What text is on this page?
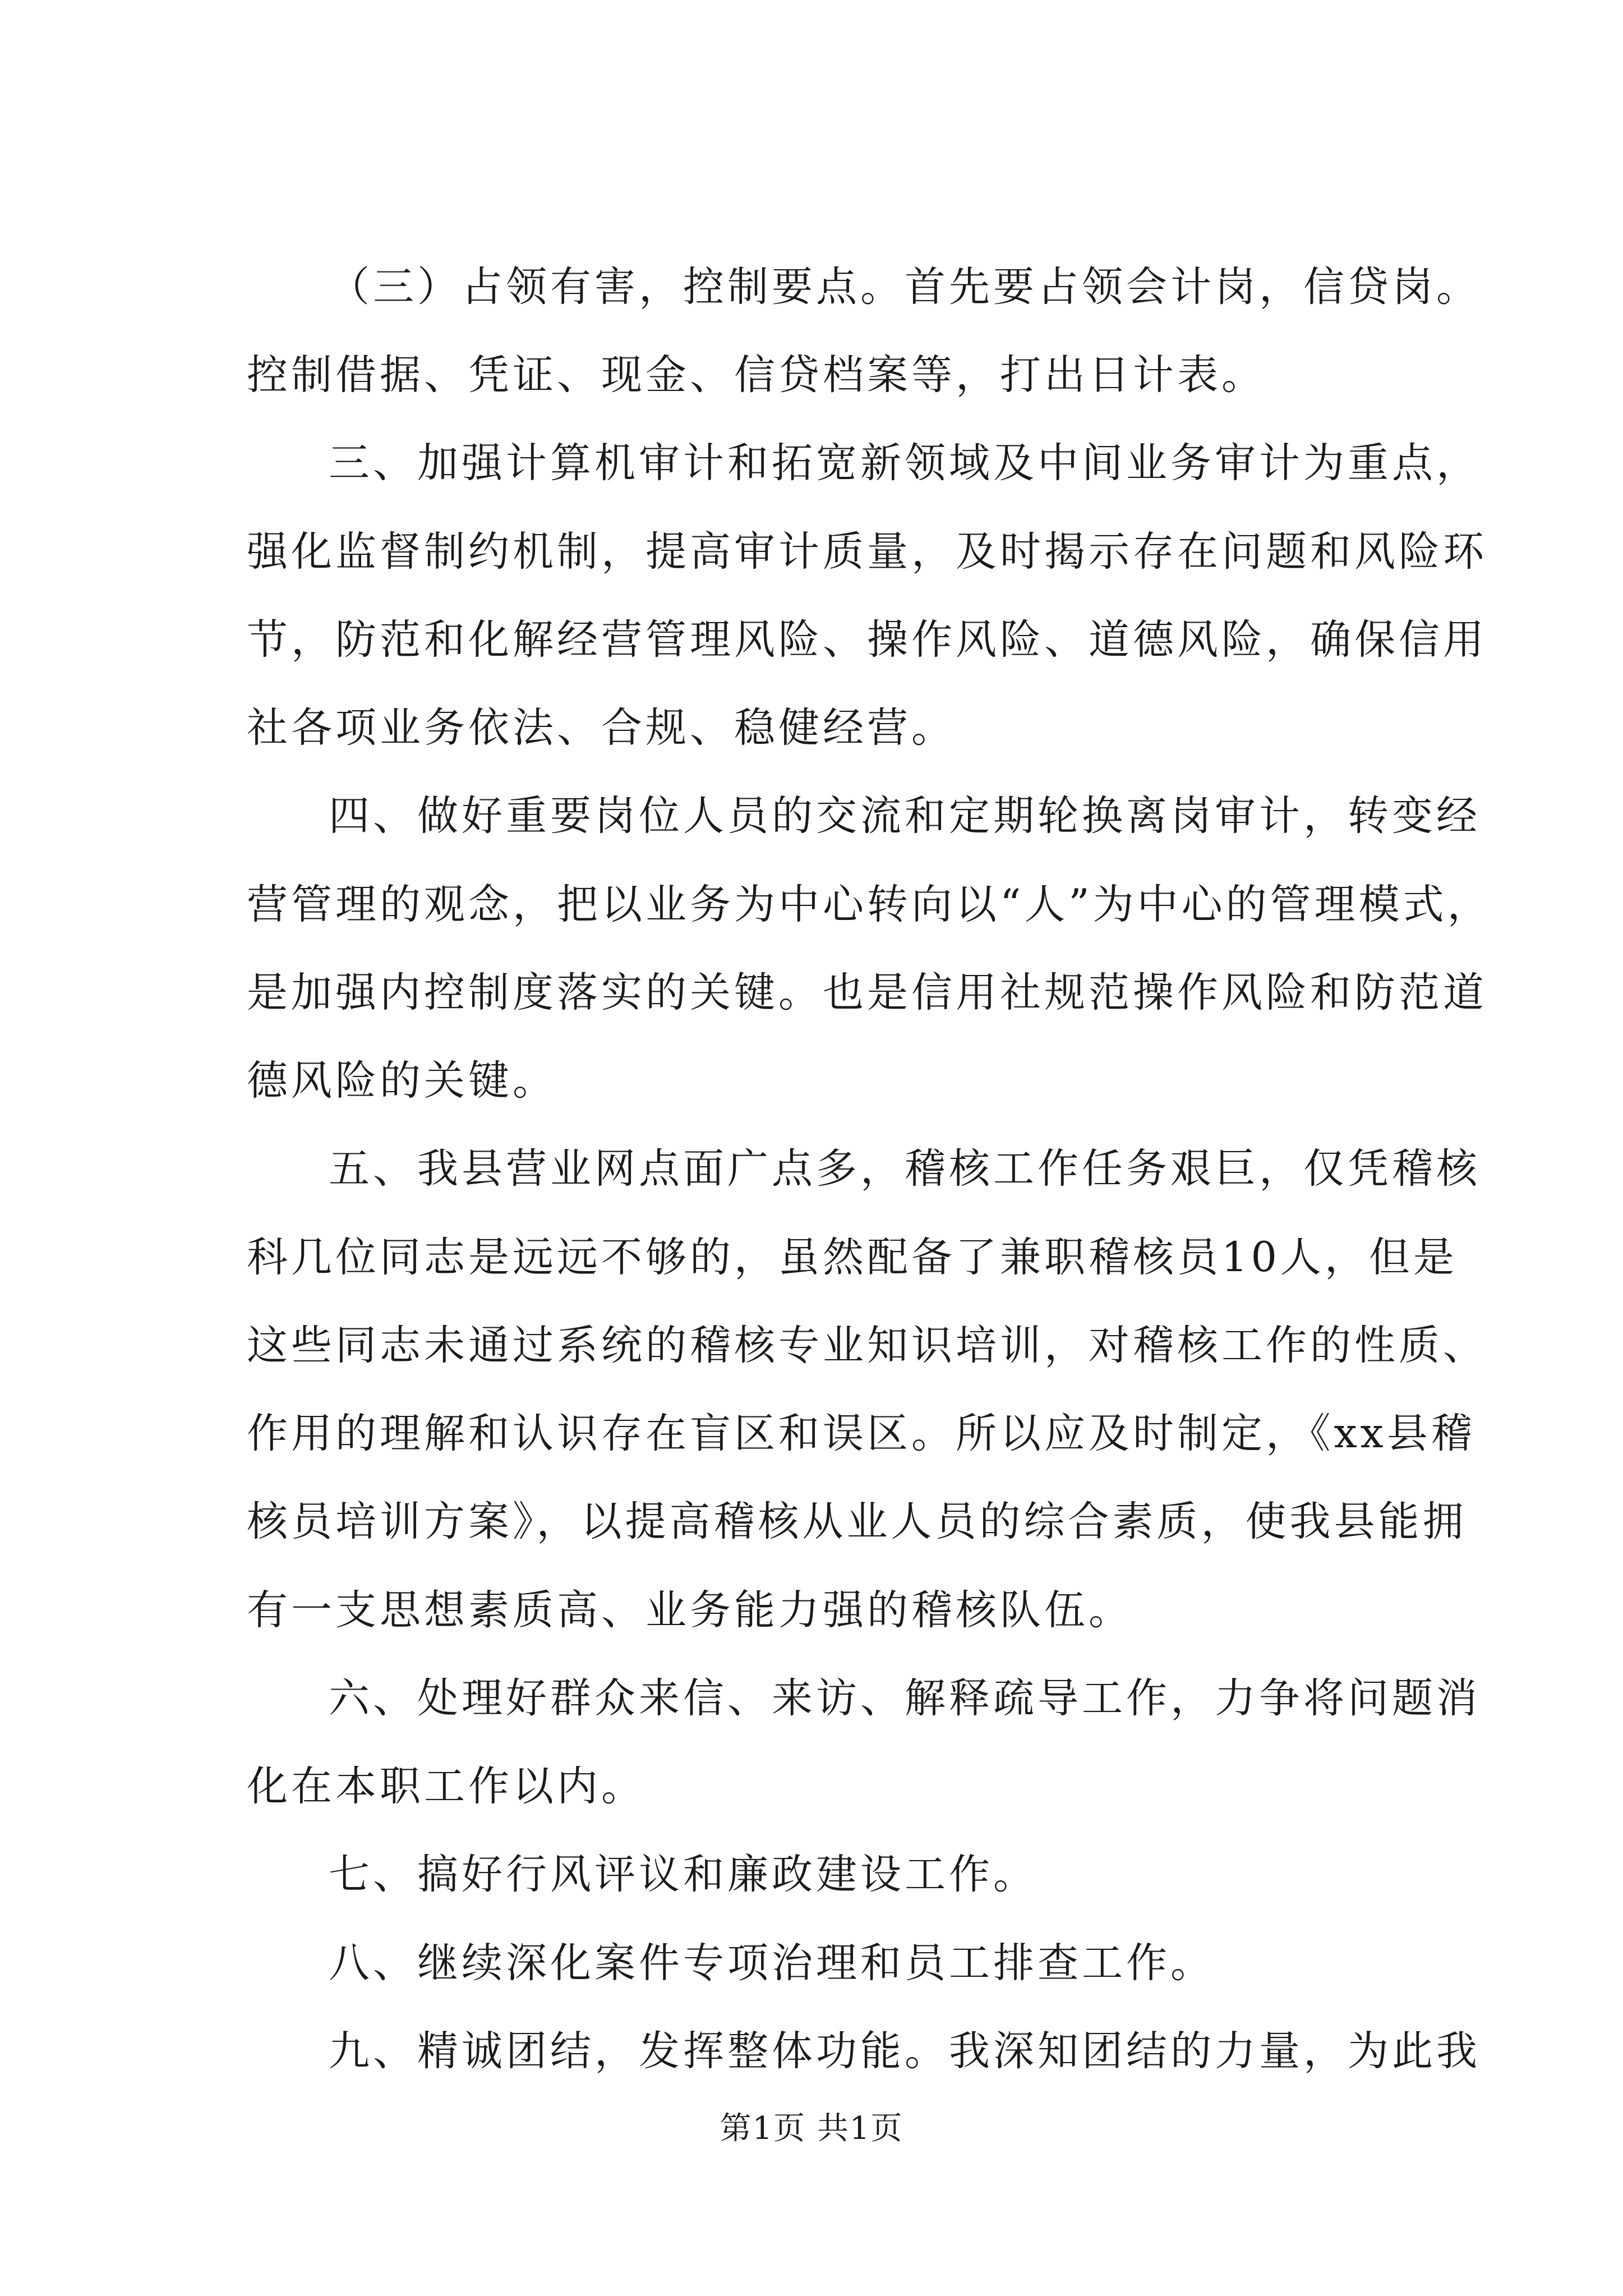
（三）占领有害，控制要点。首先要占领会计岗，信贷岗。
控制借据、凭证、现金、信贷档案等，打出日计表。
三、加强计算机审计和拓宽新领域及中间业务审计为重点，
强化监督制约机制，提高审计质量，及时揭示存在问题和风险环
节，防范和化解经营管理风险、操作风险、道德风险，确保信用
社各项业务依法、合规、稳健经营。
四、做好重要岗位人员的交流和定期轮换离岗审计，转变经
营管理的观念，把以业务为中心转向以“人”为中心的管理模式，
是加强内控制度落实的关键。也是信用社规范操作风险和防范道
德风险的关键。
五、我县营业网点面广点多，稽核工作任务艰巨，仅凭稽核
科几位同志是远远不够的，虽然配备了兼职稽核员10人，但是
这些同志未通过系统的稽核专业知识培训，对稽核工作的性质、
作用的理解和认识存在盲区和误区。所以应及时制定，《xx县稽
核员培训方案》，以提高稽核从业人员的综合素质，使我县能拥
有一支思想素质高、业务能力强的稽核队伍。
六、处理好群众来信、来访、解释疏导工作，力争将问题消
化在本职工作以内。
七、搞好行风评议和廉政建设工作。
八、继续深化案件专项治理和员工排查工作。
九、精诚团结，发挥整体功能。我深知团结的力量，为此我
第1页 共1页
